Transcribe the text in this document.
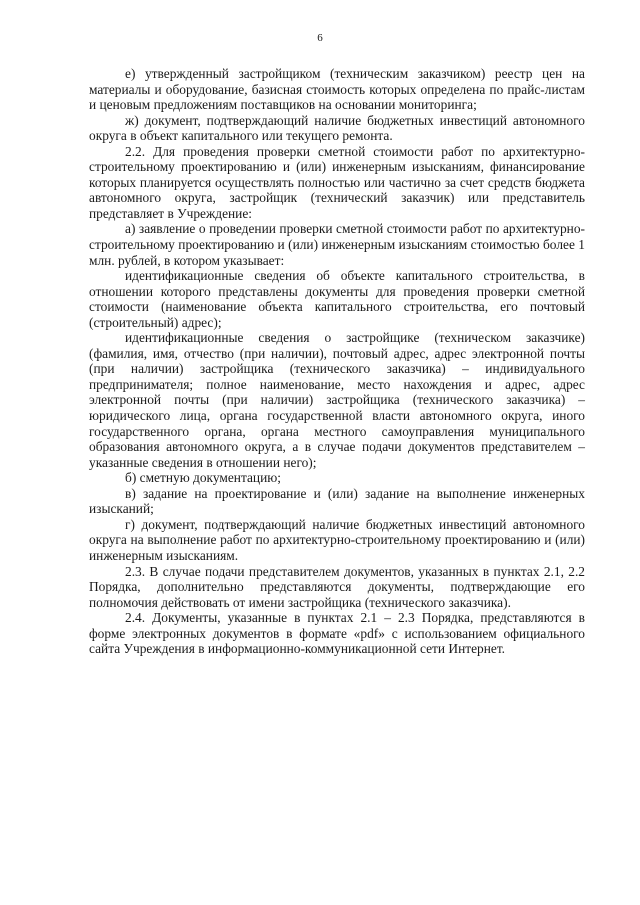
6

е) утвержденный застройщиком (техническим заказчиком) реестр цен на материалы и оборудование, базисная стоимость которых определена по прайс-листам и ценовым предложениям поставщиков на основании мониторинга;

ж) документ, подтверждающий наличие бюджетных инвестиций автономного округа в объект капитального или текущего ремонта.

2.2. Для проведения проверки сметной стоимости работ по архитектурно-строительному проектированию и (или) инженерным изысканиям, финансирование которых планируется осуществлять полностью или частично за счет средств бюджета автономного округа, застройщик (технический заказчик) или представитель представляет в Учреждение:

а) заявление о проведении проверки сметной стоимости работ по архитектурно-строительному проектированию и (или) инженерным изысканиям стоимостью более 1 млн. рублей, в котором указывает:

идентификационные сведения об объекте капитального строительства, в отношении которого представлены документы для проведения проверки сметной стоимости (наименование объекта капитального строительства, его почтовый (строительный) адрес);

идентификационные сведения о застройщике (техническом заказчике) (фамилия, имя, отчество (при наличии), почтовый адрес, адрес электронной почты (при наличии) застройщика (технического заказчика) – индивидуального предпринимателя; полное наименование, место нахождения и адрес, адрес электронной почты (при наличии) застройщика (технического заказчика) – юридического лица, органа государственной власти автономного округа, иного государственного органа, органа местного самоуправления муниципального образования автономного округа, а в случае подачи документов представителем – указанные сведения в отношении него);

б) сметную документацию;

в) задание на проектирование и (или) задание на выполнение инженерных изысканий;

г) документ, подтверждающий наличие бюджетных инвестиций автономного округа на выполнение работ по архитектурно-строительному проектированию и (или) инженерным изысканиям.

2.3. В случае подачи представителем документов, указанных в пунктах 2.1, 2.2 Порядка, дополнительно представляются документы, подтверждающие его полномочия действовать от имени застройщика (технического заказчика).

2.4. Документы, указанные в пунктах 2.1 – 2.3 Порядка, представляются в форме электронных документов в формате «pdf» с использованием официального сайта Учреждения в информационно-коммуникационной сети Интернет.
